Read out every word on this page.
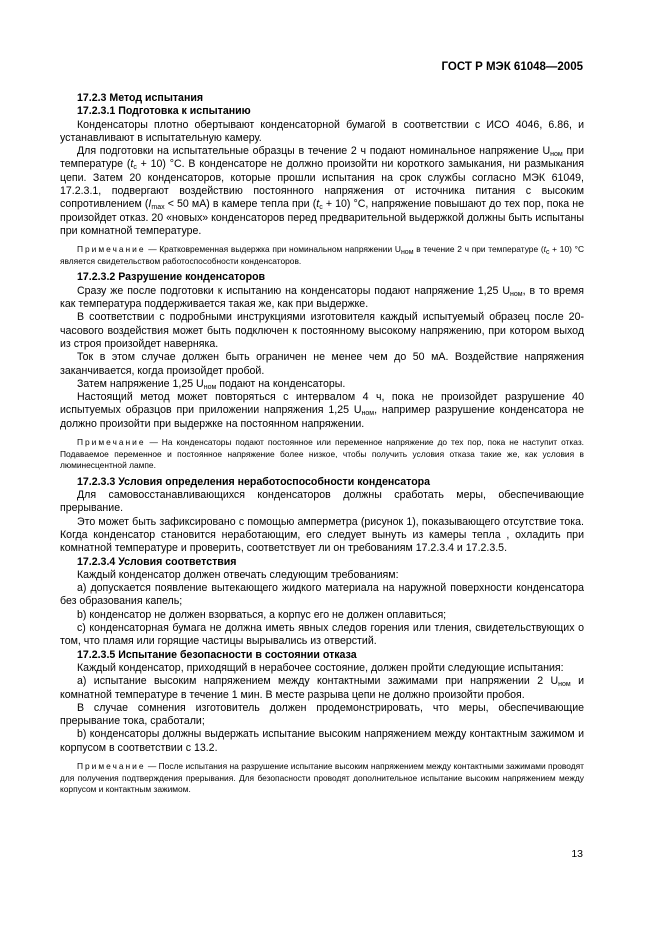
ГОСТ Р МЭК 61048—2005

17.2.3 Метод испытания

17.2.3.1 Подготовка к испытанию

Конденсаторы плотно обертывают конденсаторной бумагой в соответствии с ИСО 4046, 6.86, и устанавливают в испытательную камеру.

Для подготовки на испытательные образцы в течение 2 ч подают номинальное напряжение $U_{ном}$ при температуре $(t_c + 10)$ °С. В конденсаторе не должно произойти ни короткого замыкания, ни размыкания цепи. Затем 20 конденсаторов, которые прошли испытания на срок службы согласно МЭК 61049, 17.2.3.1, подвергают воздействию постоянного напряжения от источника питания с высоким сопротивлением ($I_{max} < 50$ мА) в камере тепла при $(t_c + 10)$ °С, напряжение повышают до тех пор, пока не произойдет отказ. 20 «новых» конденсаторов перед предварительной выдержкой должны быть испытаны при комнатной температуре.

Примечание — Кратковременная выдержка при номинальном напряжении $U_{ном}$ в течение 2 ч при температуре $(t_c + 10)$ °С является свидетельством работоспособности конденсаторов.

17.2.3.2 Разрушение конденсаторов

Сразу же после подготовки к испытанию на конденсаторы подают напряжение 1,25 $U_{ном}$, в то время как температура поддерживается такая же, как при выдержке.

В соответствии с подробными инструкциями изготовителя каждый испытуемый образец после 20-часового воздействия может быть подключен к постоянному высокому напряжению, при котором выход из строя произойдет наверняка.

Ток в этом случае должен быть ограничен не менее чем до 50 мА. Воздействие напряжения заканчивается, когда произойдет пробой.

Затем напряжение 1,25 $U_{ном}$ подают на конденсаторы.

Настоящий метод может повторяться с интервалом 4 ч, пока не произойдет разрушение 40 испытуемых образцов при приложении напряжения 1,25 $U_{ном}$, например разрушение конденсатора не должно произойти при выдержке на постоянном напряжении.

Примечание — На конденсаторы подают постоянное или переменное напряжение до тех пор, пока не наступит отказ. Подаваемое переменное и постоянное напряжение более низкое, чтобы получить условия отказа такие же, как условия в люминесцентной лампе.

17.2.3.3 Условия определения неработоспособности конденсатора

Для самовосстанавливающихся конденсаторов должны сработать меры, обеспечивающие прерывание.

Это может быть зафиксировано с помощью амперметра (рисунок 1), показывающего отсутствие тока. Когда конденсатор становится неработающим, его следует вынуть из камеры тепла , охладить при комнатной температуре и проверить, соответствует ли он требованиям 17.2.3.4 и 17.2.3.5.

17.2.3.4 Условия соответствия

Каждый конденсатор должен отвечать следующим требованиям:

а) допускается появление вытекающего жидкого материала на наружной поверхности конденсатора без образования капель;

b) конденсатор не должен взорваться, а корпус его не должен оплавиться;

c) конденсаторная бумага не должна иметь явных следов горения или тления, свидетельствующих о том, что пламя или горящие частицы вырывались из отверстий.

17.2.3.5 Испытание безопасности в состоянии отказа

Каждый конденсатор, приходящий в нерабочее состояние, должен пройти следующие испытания:

а) испытание высоким напряжением между контактными зажимами при напряжении 2 $U_{ном}$ и комнатной температуре в течение 1 мин. В месте разрыва цепи не должно произойти пробоя.

В случае сомнения изготовитель должен продемонстрировать, что меры, обеспечивающие прерывание тока, сработали;

b) конденсаторы должны выдержать испытание высоким напряжением между контактным зажимом и корпусом в соответствии с 13.2.

Примечание — После испытания на разрушение испытание высоким напряжением между контактными зажимами проводят для получения подтверждения прерывания. Для безопасности проводят дополнительное испытание высоким напряжением между корпусом и контактным зажимом.

13
